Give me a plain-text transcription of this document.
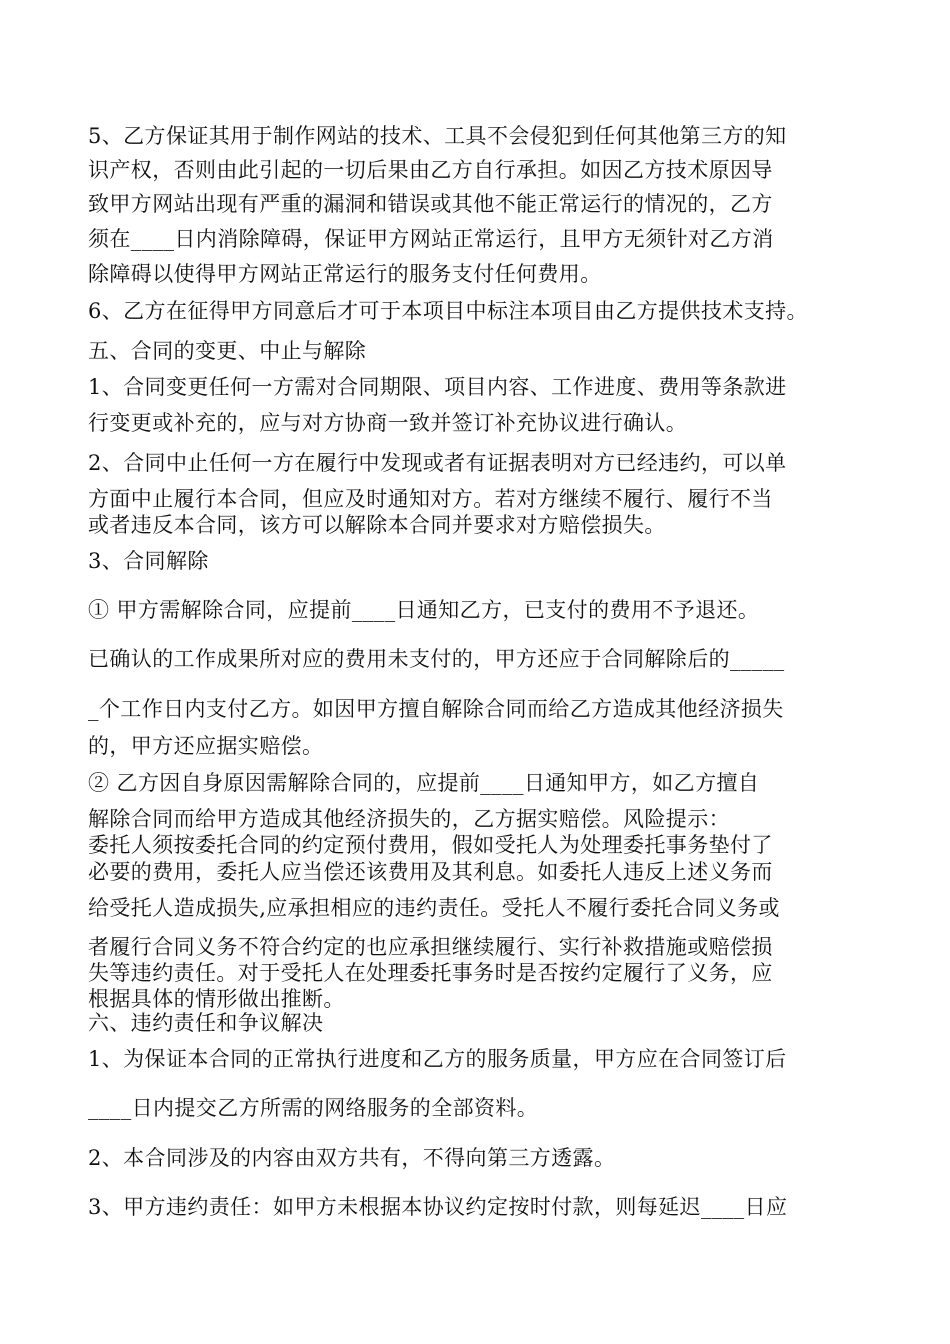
5、乙方保证其用于制作网站的技术、工具不会侵犯到任何其他第三方的知
识产权，否则由此引起的一切后果由乙方自行承担。如因乙方技术原因导
致甲方网站出现有严重的漏洞和错误或其他不能正常运行的情况的，乙方
须在____日内消除障碍，保证甲方网站正常运行，且甲方无须针对乙方消
除障碍以使得甲方网站正常运行的服务支付任何费用。
6、乙方在征得甲方同意后才可于本项目中标注本项目由乙方提供技术支持。
五、合同的变更、中止与解除
1、合同变更任何一方需对合同期限、项目内容、工作进度、费用等条款进
行变更或补充的，应与对方协商一致并签订补充协议进行确认。
2、合同中止任何一方在履行中发现或者有证据表明对方已经违约，可以单
方面中止履行本合同，但应及时通知对方。若对方继续不履行、履行不当
或者违反本合同，该方可以解除本合同并要求对方赔偿损失。
3、合同解除
① 甲方需解除合同，应提前____日通知乙方，已支付的费用不予退还。
已确认的工作成果所对应的费用未支付的，甲方还应于合同解除后的_____
_个工作日内支付乙方。如因甲方擅自解除合同而给乙方造成其他经济损失
的，甲方还应据实赔偿。
② 乙方因自身原因需解除合同的，应提前____日通知甲方，如乙方擅自
解除合同而给甲方造成其他经济损失的，乙方据实赔偿。风险提示：
委托人须按委托合同的约定预付费用，假如受托人为处理委托事务垫付了
必要的费用，委托人应当偿还该费用及其利息。如委托人违反上述义务而
给受托人造成损失,应承担相应的违约责任。受托人不履行委托合同义务或
者履行合同义务不符合约定的也应承担继续履行、实行补救措施或赔偿损
失等违约责任。对于受托人在处理委托事务时是否按约定履行了义务，应
根据具体的情形做出推断。
六、违约责任和争议解决
1、为保证本合同的正常执行进度和乙方的服务质量，甲方应在合同签订后
____日内提交乙方所需的网络服务的全部资料。
2、本合同涉及的内容由双方共有，不得向第三方透露。
3、甲方违约责任：如甲方未根据本协议约定按时付款，则每延迟____日应
